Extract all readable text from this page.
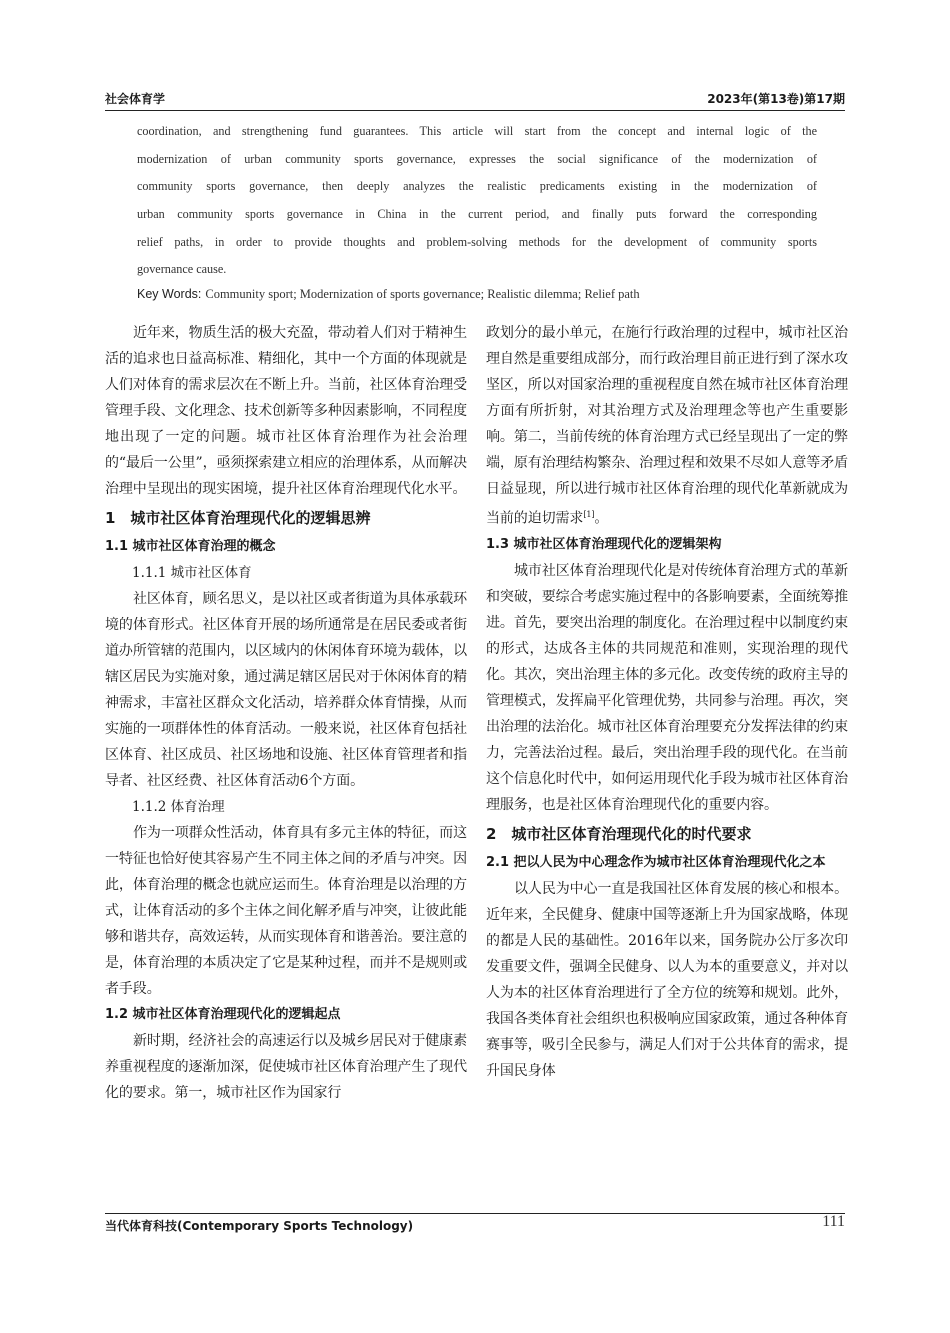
社会体育学	2023年(第13卷)第17期
coordination, and strengthening fund guarantees. This article will start from the concept and internal logic of the
modernization of urban community sports governance, expresses the social significance of the modernization of
community sports governance, then deeply analyzes the realistic predicaments existing in the modernization of
urban community sports governance in China in the current period, and finally puts forward the corresponding
relief paths, in order to provide thoughts and problem-solving methods for the development of community sports
governance cause.
Key Words: Community sport; Modernization of sports governance; Realistic dilemma; Relief path

近年来，物质生活的极大充盈，带动着人们对于精神生活的追求也日益高标准、精细化，其中一个方面的体现就是人们对体育的需求层次在不断上升。当前，社区体育治理受管理手段、文化理念、技术创新等多种因素影响，不同程度地出现了一定的问题。城市社区体育治理作为社会治理的“最后一公里”，亟须探索建立相应的治理体系，从而解决治理中呈现出的现实困境，提升社区体育治理现代化水平。

1　城市社区体育治理现代化的逻辑思辨
1.1 城市社区体育治理的概念
1.1.1 城市社区体育

社区体育，顾名思义，是以社区或者街道为具体承载环境的体育形式。社区体育开展的场所通常是在居民委或者街道办所管辖的范围内，以区域内的休闲体育环境为载体，以辖区居民为实施对象，通过满足辖区居民对于休闲体育的精神需求，丰富社区群众文化活动，培养群众体育情操，从而实施的一项群体性的体育活动。一般来说，社区体育包括社区体育、社区成员、社区场地和设施、社区体育管理者和指导者、社区经费、社区体育活动6个方面。

1.1.2 体育治理

作为一项群众性活动，体育具有多元主体的特征，而这一特征也恰好使其容易产生不同主体之间的矛盾与冲突。因此，体育治理的概念也就应运而生。体育治理是以治理的方式，让体育活动的多个主体之间化解矛盾与冲突，让彼此能够和谐共存，高效运转，从而实现体育和谐善治。要注意的是，体育治理的本质决定了它是某种过程，而并不是规则或者手段。

1.2 城市社区体育治理现代化的逻辑起点

新时期，经济社会的高速运行以及城乡居民对于健康素养重视程度的逐渐加深，促使城市社区体育治理产生了现代化的要求。第一，城市社区作为国家行

政划分的最小单元，在施行行政治理的过程中，城市社区治理自然是重要组成部分，而行政治理目前正进行到了深水攻坚区，所以对国家治理的重视程度自然在城市社区体育治理方面有所折射，对其治理方式及治理理念等也产生重要影响。第二，当前传统的体育治理方式已经呈现出了一定的弊端，原有治理结构繁杂、治理过程和效果不尽如人意等矛盾日益显现，所以进行城市社区体育治理的现代化革新就成为当前的迫切需求[1]。

1.3 城市社区体育治理现代化的逻辑架构

城市社区体育治理现代化是对传统体育治理方式的革新和突破，要综合考虑实施过程中的各影响要素，全面统筹推进。首先，要突出治理的制度化。在治理过程中以制度约束的形式，达成各主体的共同规范和准则，实现治理的现代化。其次，突出治理主体的多元化。改变传统的政府主导的管理模式，发挥扁平化管理优势，共同参与治理。再次，突出治理的法治化。城市社区体育治理要充分发挥法律的约束力，完善法治过程。最后，突出治理手段的现代化。在当前这个信息化时代中，如何运用现代化手段为城市社区体育治理服务，也是社区体育治理现代化的重要内容。

2　城市社区体育治理现代化的时代要求
2.1 把以人民为中心理念作为城市社区体育治理现代化之本

以人民为中心一直是我国社区体育发展的核心和根本。近年来，全民健身、健康中国等逐渐上升为国家战略，体现的都是人民的基础性。2016年以来，国务院办公厅多次印发重要文件，强调全民健身、以人为本的重要意义，并对以人为本的社区体育治理进行了全方位的统筹和规划。此外，我国各类体育社会组织也积极响应国家政策，通过各种体育赛事等，吸引全民参与，满足人们对于公共体育的需求，提升国民身体

当代体育科技(Contemporary Sports Technology)	111
